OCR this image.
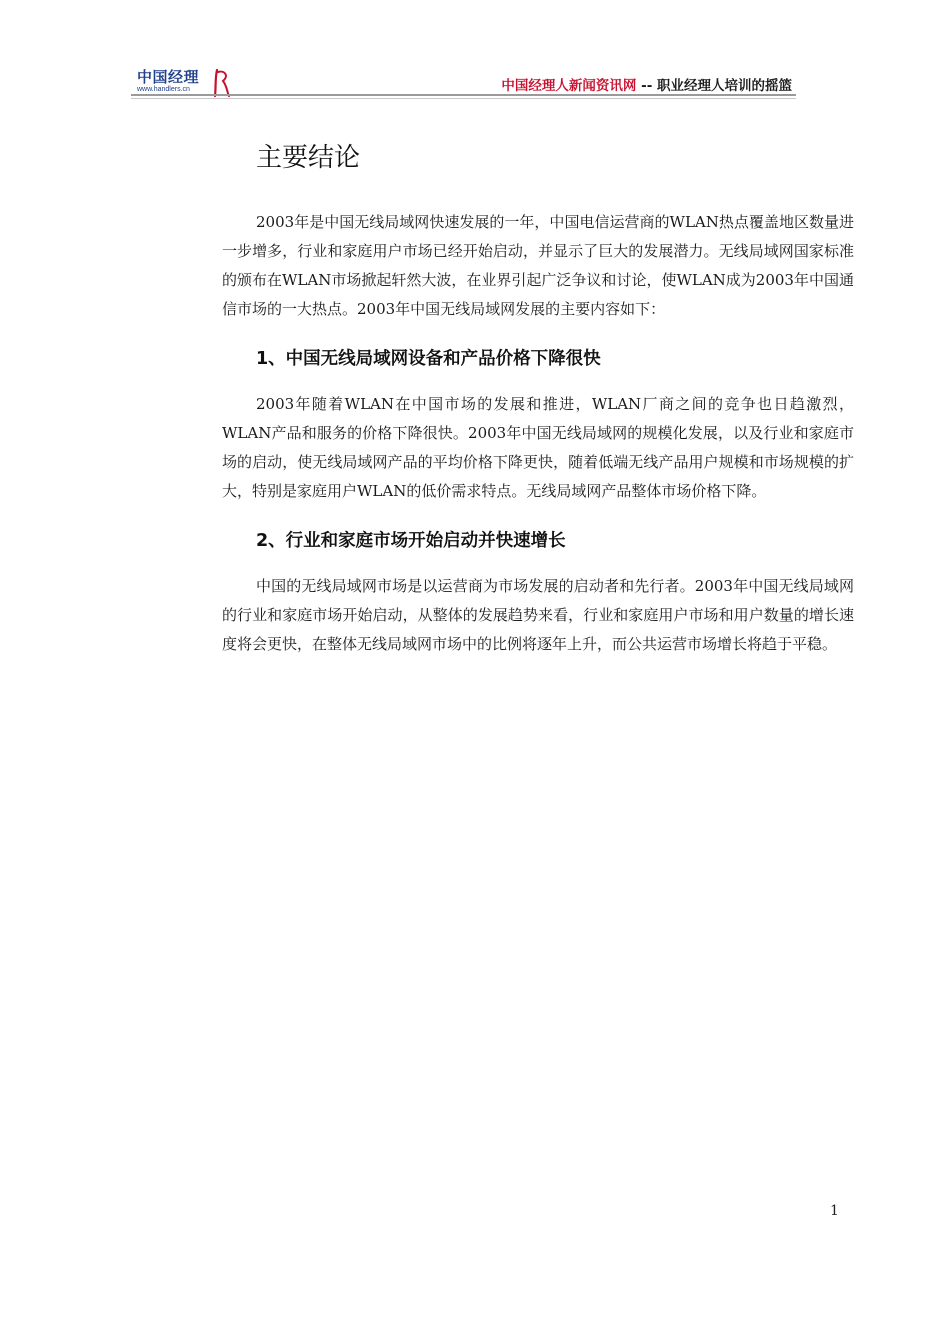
中国经理
www.handlers.cn	中国经理人新闻资讯网 -- 职业经理人培训的摇篮
主要结论

2003年是中国无线局域网快速发展的一年，中国电信运营商的WLAN热点覆盖地区数量进一步增多，行业和家庭用户市场已经开始启动，并显示了巨大的发展潜力。无线局域网国家标准的颁布在WLAN市场掀起轩然大波，在业界引起广泛争议和讨论，使WLAN成为2003年中国通信市场的一大热点。2003年中国无线局域网发展的主要内容如下：

1、中国无线局域网设备和产品价格下降很快

2003年随着WLAN在中国市场的发展和推进，WLAN厂商之间的竞争也日趋激烈，WLAN产品和服务的价格下降很快。2003年中国无线局域网的规模化发展，以及行业和家庭市场的启动，使无线局域网产品的平均价格下降更快，随着低端无线产品用户规模和市场规模的扩大，特别是家庭用户WLAN的低价需求特点。无线局域网产品整体市场价格下降。

2、行业和家庭市场开始启动并快速增长

中国的无线局域网市场是以运营商为市场发展的启动者和先行者。2003年中国无线局域网的行业和家庭市场开始启动，从整体的发展趋势来看，行业和家庭用户市场和用户数量的增长速度将会更快，在整体无线局域网市场中的比例将逐年上升，而公共运营市场增长将趋于平稳。

1
